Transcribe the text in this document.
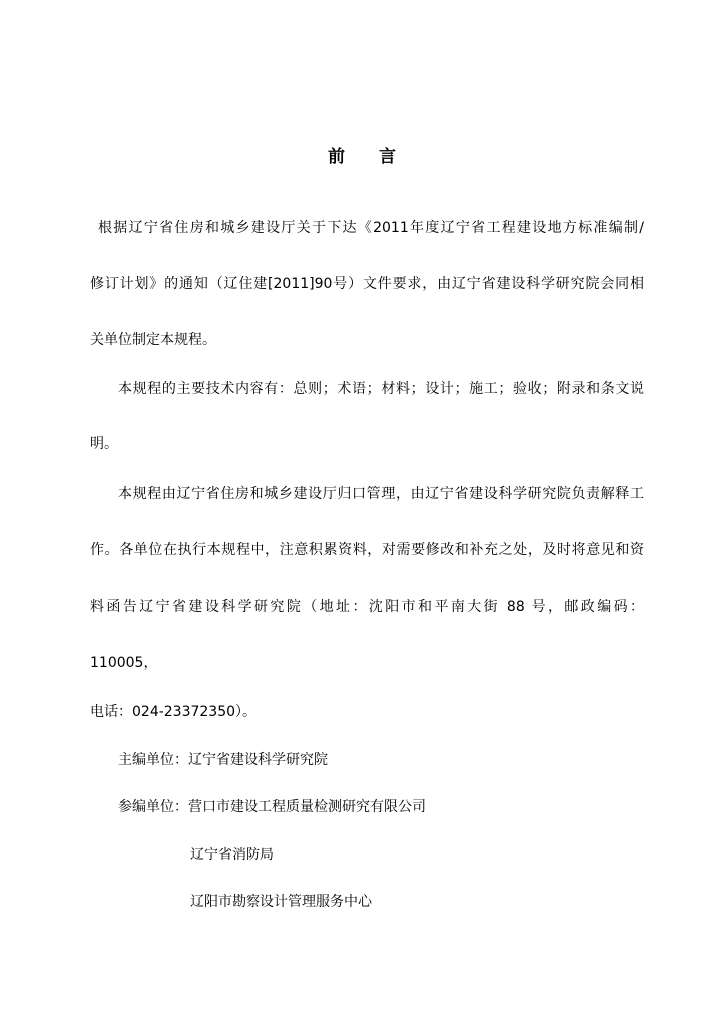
前 言
根据辽宁省住房和城乡建设厅关于下达《2011年度辽宁省工程建设地方标准编制/
修订计划》的通知（辽住建[2011]90号）文件要求，由辽宁省建设科学研究院会同相
关单位制定本规程。
本规程的主要技术内容有：总则；术语；材料；设计；施工；验收；附录和条文说
明。
本规程由辽宁省住房和城乡建设厅归口管理，由辽宁省建设科学研究院负责解释工
作。各单位在执行本规程中，注意积累资料，对需要修改和补充之处，及时将意见和资
料函告辽宁省建设科学研究院（地址：沈阳市和平南大街 88 号，邮政编码：
110005，
电话：024-23372350）。
主编单位：辽宁省建设科学研究院
参编单位：营口市建设工程质量检测研究有限公司
辽宁省消防局
辽阳市勘察设计管理服务中心
